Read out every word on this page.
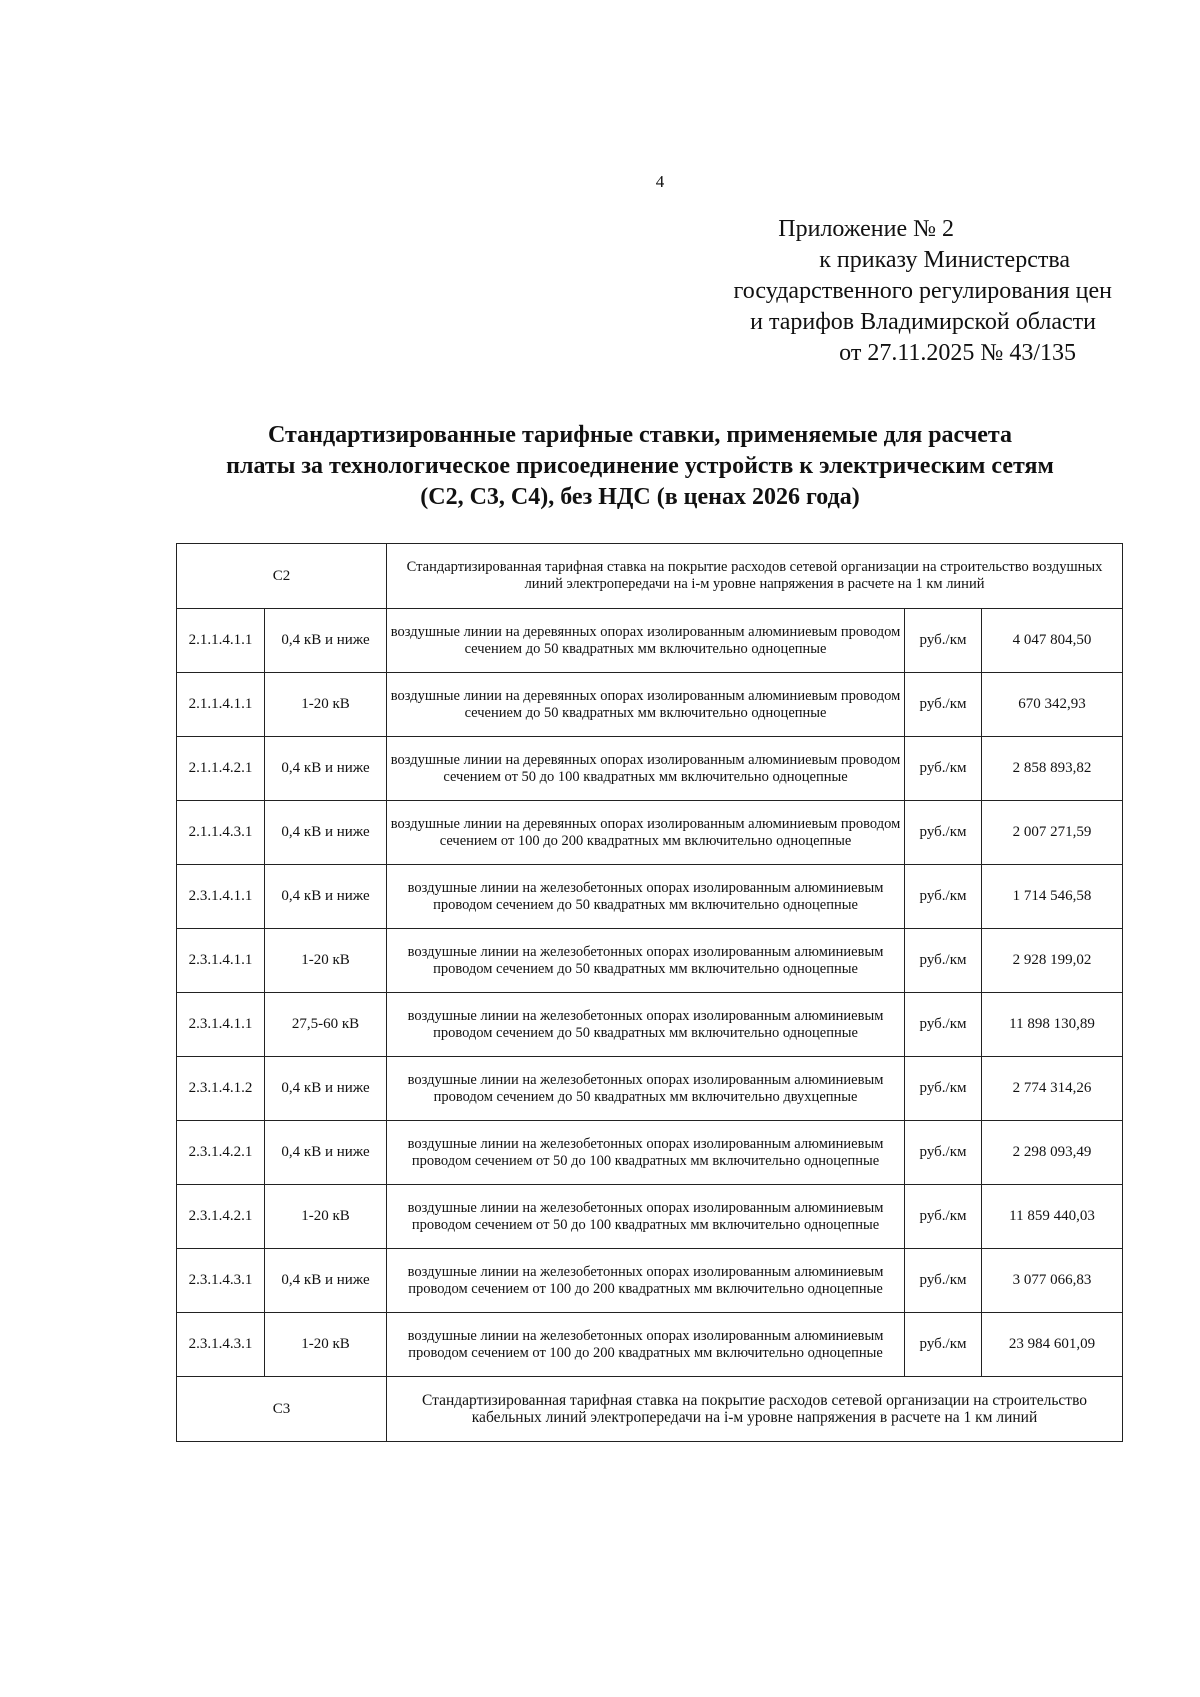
4
Приложение № 2
к приказу Министерства
государственного регулирования цен
и тарифов Владимирской области
от 27.11.2025 № 43/135
Стандартизированные тарифные ставки, применяемые для расчета
платы за технологическое присоединение устройств к электрическим сетям
(С2, С3, С4), без НДС (в ценах 2026 года)
С2		Стандартизированная тарифная ставка на покрытие расходов сетевой организации на строительство воздушных линий электропередачи на i-м уровне напряжения в расчете на 1 км линий		
2.1.1.4.1.1	0,4 кВ и ниже	воздушные линии на деревянных опорах изолированным алюминиевым проводом сечением до 50 квадратных мм включительно одноцепные	руб./км	4 047 804,50
2.1.1.4.1.1	1-20 кВ	воздушные линии на деревянных опорах изолированным алюминиевым проводом сечением до 50 квадратных мм включительно одноцепные	руб./км	670 342,93
2.1.1.4.2.1	0,4 кВ и ниже	воздушные линии на деревянных опорах изолированным алюминиевым проводом сечением от 50 до 100 квадратных мм включительно одноцепные	руб./км	2 858 893,82
2.1.1.4.3.1	0,4 кВ и ниже	воздушные линии на деревянных опорах изолированным алюминиевым проводом сечением от 100 до 200 квадратных мм включительно одноцепные	руб./км	2 007 271,59
2.3.1.4.1.1	0,4 кВ и ниже	воздушные линии на железобетонных опорах изолированным алюминиевым проводом сечением до 50 квадратных мм включительно одноцепные	руб./км	1 714 546,58
2.3.1.4.1.1	1-20 кВ	воздушные линии на железобетонных опорах изолированным алюминиевым проводом сечением до 50 квадратных мм включительно одноцепные	руб./км	2 928 199,02
2.3.1.4.1.1	27,5-60 кВ	воздушные линии на железобетонных опорах изолированным алюминиевым проводом сечением до 50 квадратных мм включительно одноцепные	руб./км	11 898 130,89
2.3.1.4.1.2	0,4 кВ и ниже	воздушные линии на железобетонных опорах изолированным алюминиевым проводом сечением до 50 квадратных мм включительно двухцепные	руб./км	2 774 314,26
2.3.1.4.2.1	0,4 кВ и ниже	воздушные линии на железобетонных опорах изолированным алюминиевым проводом сечением от 50 до 100 квадратных мм включительно одноцепные	руб./км	2 298 093,49
2.3.1.4.2.1	1-20 кВ	воздушные линии на железобетонных опорах изолированным алюминиевым проводом сечением от 50 до 100 квадратных мм включительно одноцепные	руб./км	11 859 440,03
2.3.1.4.3.1	0,4 кВ и ниже	воздушные линии на железобетонных опорах изолированным алюминиевым проводом сечением от 100 до 200 квадратных мм включительно одноцепные	руб./км	3 077 066,83
2.3.1.4.3.1	1-20 кВ	воздушные линии на железобетонных опорах изолированным алюминиевым проводом сечением от 100 до 200 квадратных мм включительно одноцепные	руб./км	23 984 601,09
С3		Стандартизированная тарифная ставка на покрытие расходов сетевой организации на строительство кабельных линий электропередачи на i-м уровне напряжения в расчете на 1 км линий		
